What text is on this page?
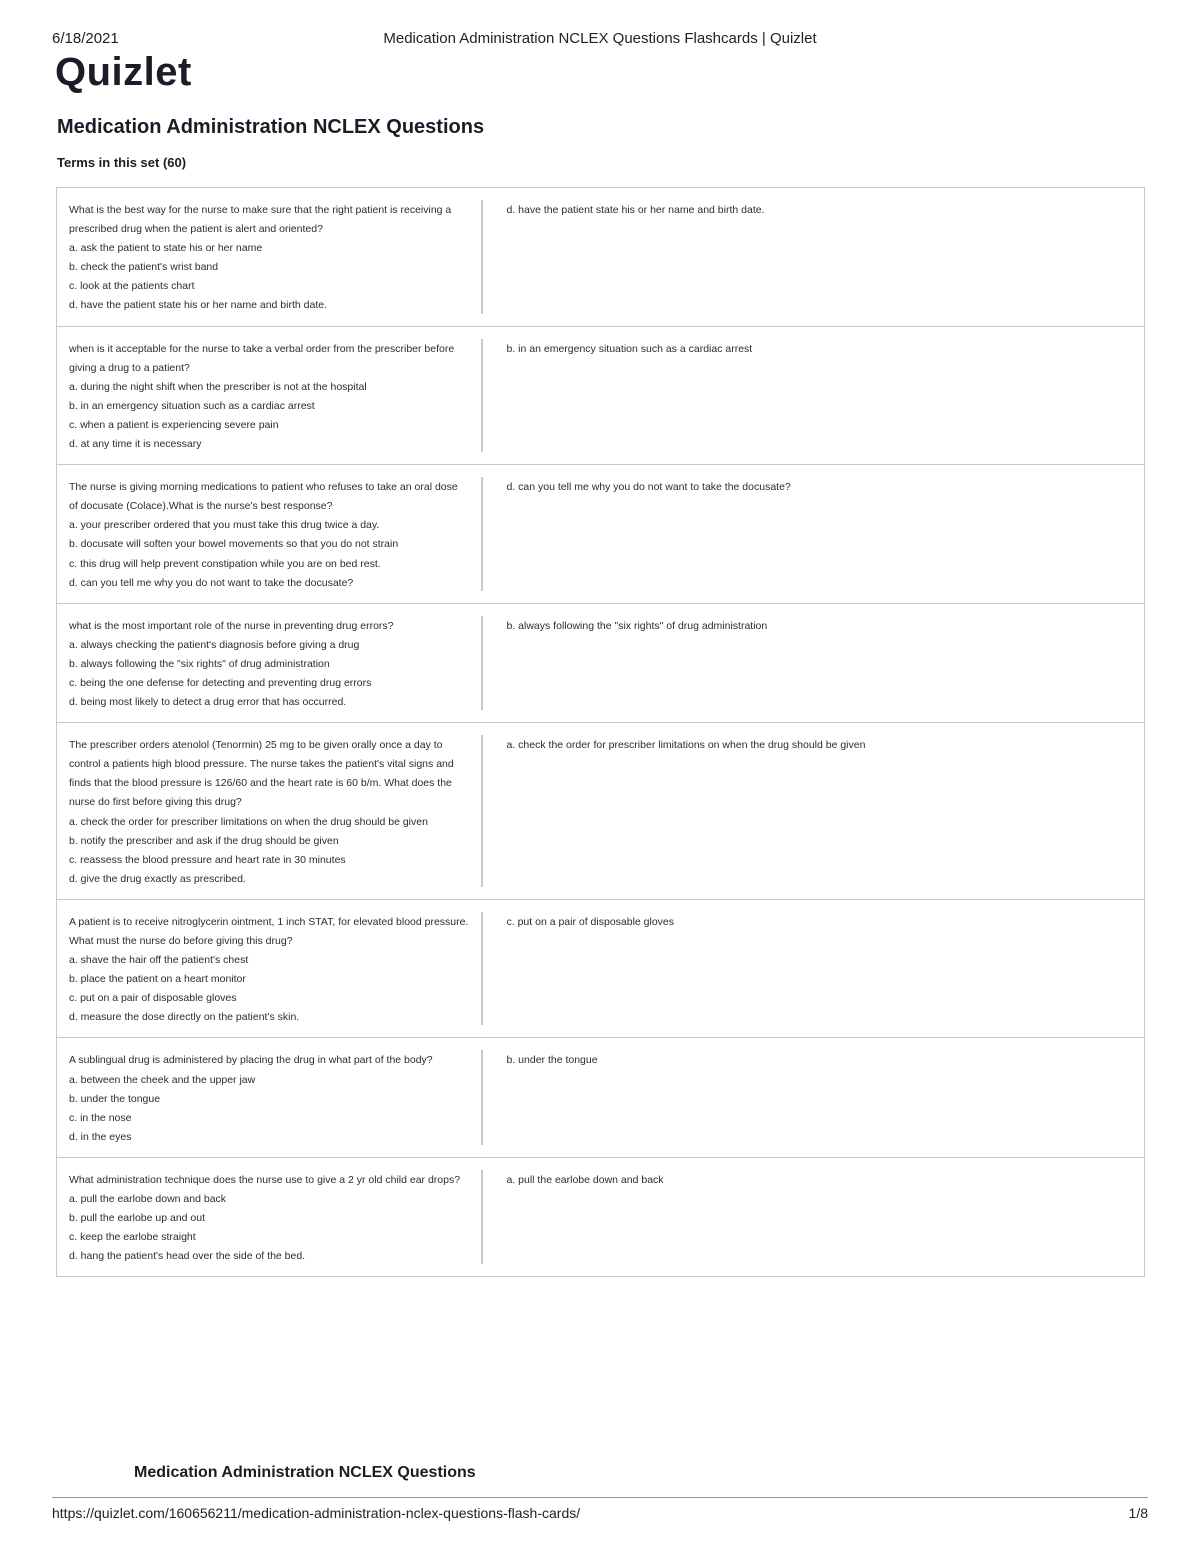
6/18/2021	Medication Administration NCLEX Questions Flashcards | Quizlet
Quizlet
Medication Administration NCLEX Questions
Terms in this set (60)
What is the best way for the nurse to make sure that the right patient is receiving a prescribed drug when the patient is alert and oriented?
a. ask the patient to state his or her name
b. check the patient's wrist band
c. look at the patients chart
d. have the patient state his or her name and birth date.
d. have the patient state his or her name and birth date.
when is it acceptable for the nurse to take a verbal order from the prescriber before giving a drug to a patient?
a. during the night shift when the prescriber is not at the hospital
b. in an emergency situation such as a cardiac arrest
c. when a patient is experiencing severe pain
d. at any time it is necessary
b. in an emergency situation such as a cardiac arrest
The nurse is giving morning medications to patient who refuses to take an oral dose of docusate (Colace).What is the nurse's best response?
a. your prescriber ordered that you must take this drug twice a day.
b. docusate will soften your bowel movements so that you do not strain
c. this drug will help prevent constipation while you are on bed rest.
d. can you tell me why you do not want to take the docusate?
d. can you tell me why you do not want to take the docusate?
what is the most important role of the nurse in preventing drug errors?
a. always checking the patient's diagnosis before giving a drug
b. always following the "six rights" of drug administration
c. being the one defense for detecting and preventing drug errors
d. being most likely to detect a drug error that has occurred.
b. always following the "six rights" of drug administration
The prescriber orders atenolol (Tenormin) 25 mg to be given orally once a day to control a patients high blood pressure. The nurse takes the patient's vital signs and finds that the blood pressure is 126/60 and the heart rate is 60 b/m. What does the nurse do first before giving this drug?
a. check the order for prescriber limitations on when the drug should be given
b. notify the prescriber and ask if the drug should be given
c. reassess the blood pressure and heart rate in 30 minutes
d. give the drug exactly as prescribed.
a. check the order for prescriber limitations on when the drug should be given
A patient is to receive nitroglycerin ointment, 1 inch STAT, for elevated blood pressure. What must the nurse do before giving this drug?
a. shave the hair off the patient's chest
b. place the patient on a heart monitor
c. put on a pair of disposable gloves
d. measure the dose directly on the patient's skin.
c. put on a pair of disposable gloves
A sublingual drug is administered by placing the drug in what part of the body?
a. between the cheek and the upper jaw
b. under the tongue
c. in the nose
d. in the eyes
b. under the tongue
What administration technique does the nurse use to give a 2 yr old child ear drops?
a. pull the earlobe down and back
b. pull the earlobe up and out
c. keep the earlobe straight
d. hang the patient's head over the side of the bed.
a. pull the earlobe down and back
Medication Administration NCLEX Questions
https://quizlet.com/160656211/medication-administration-nclex-questions-flash-cards/	1/8
